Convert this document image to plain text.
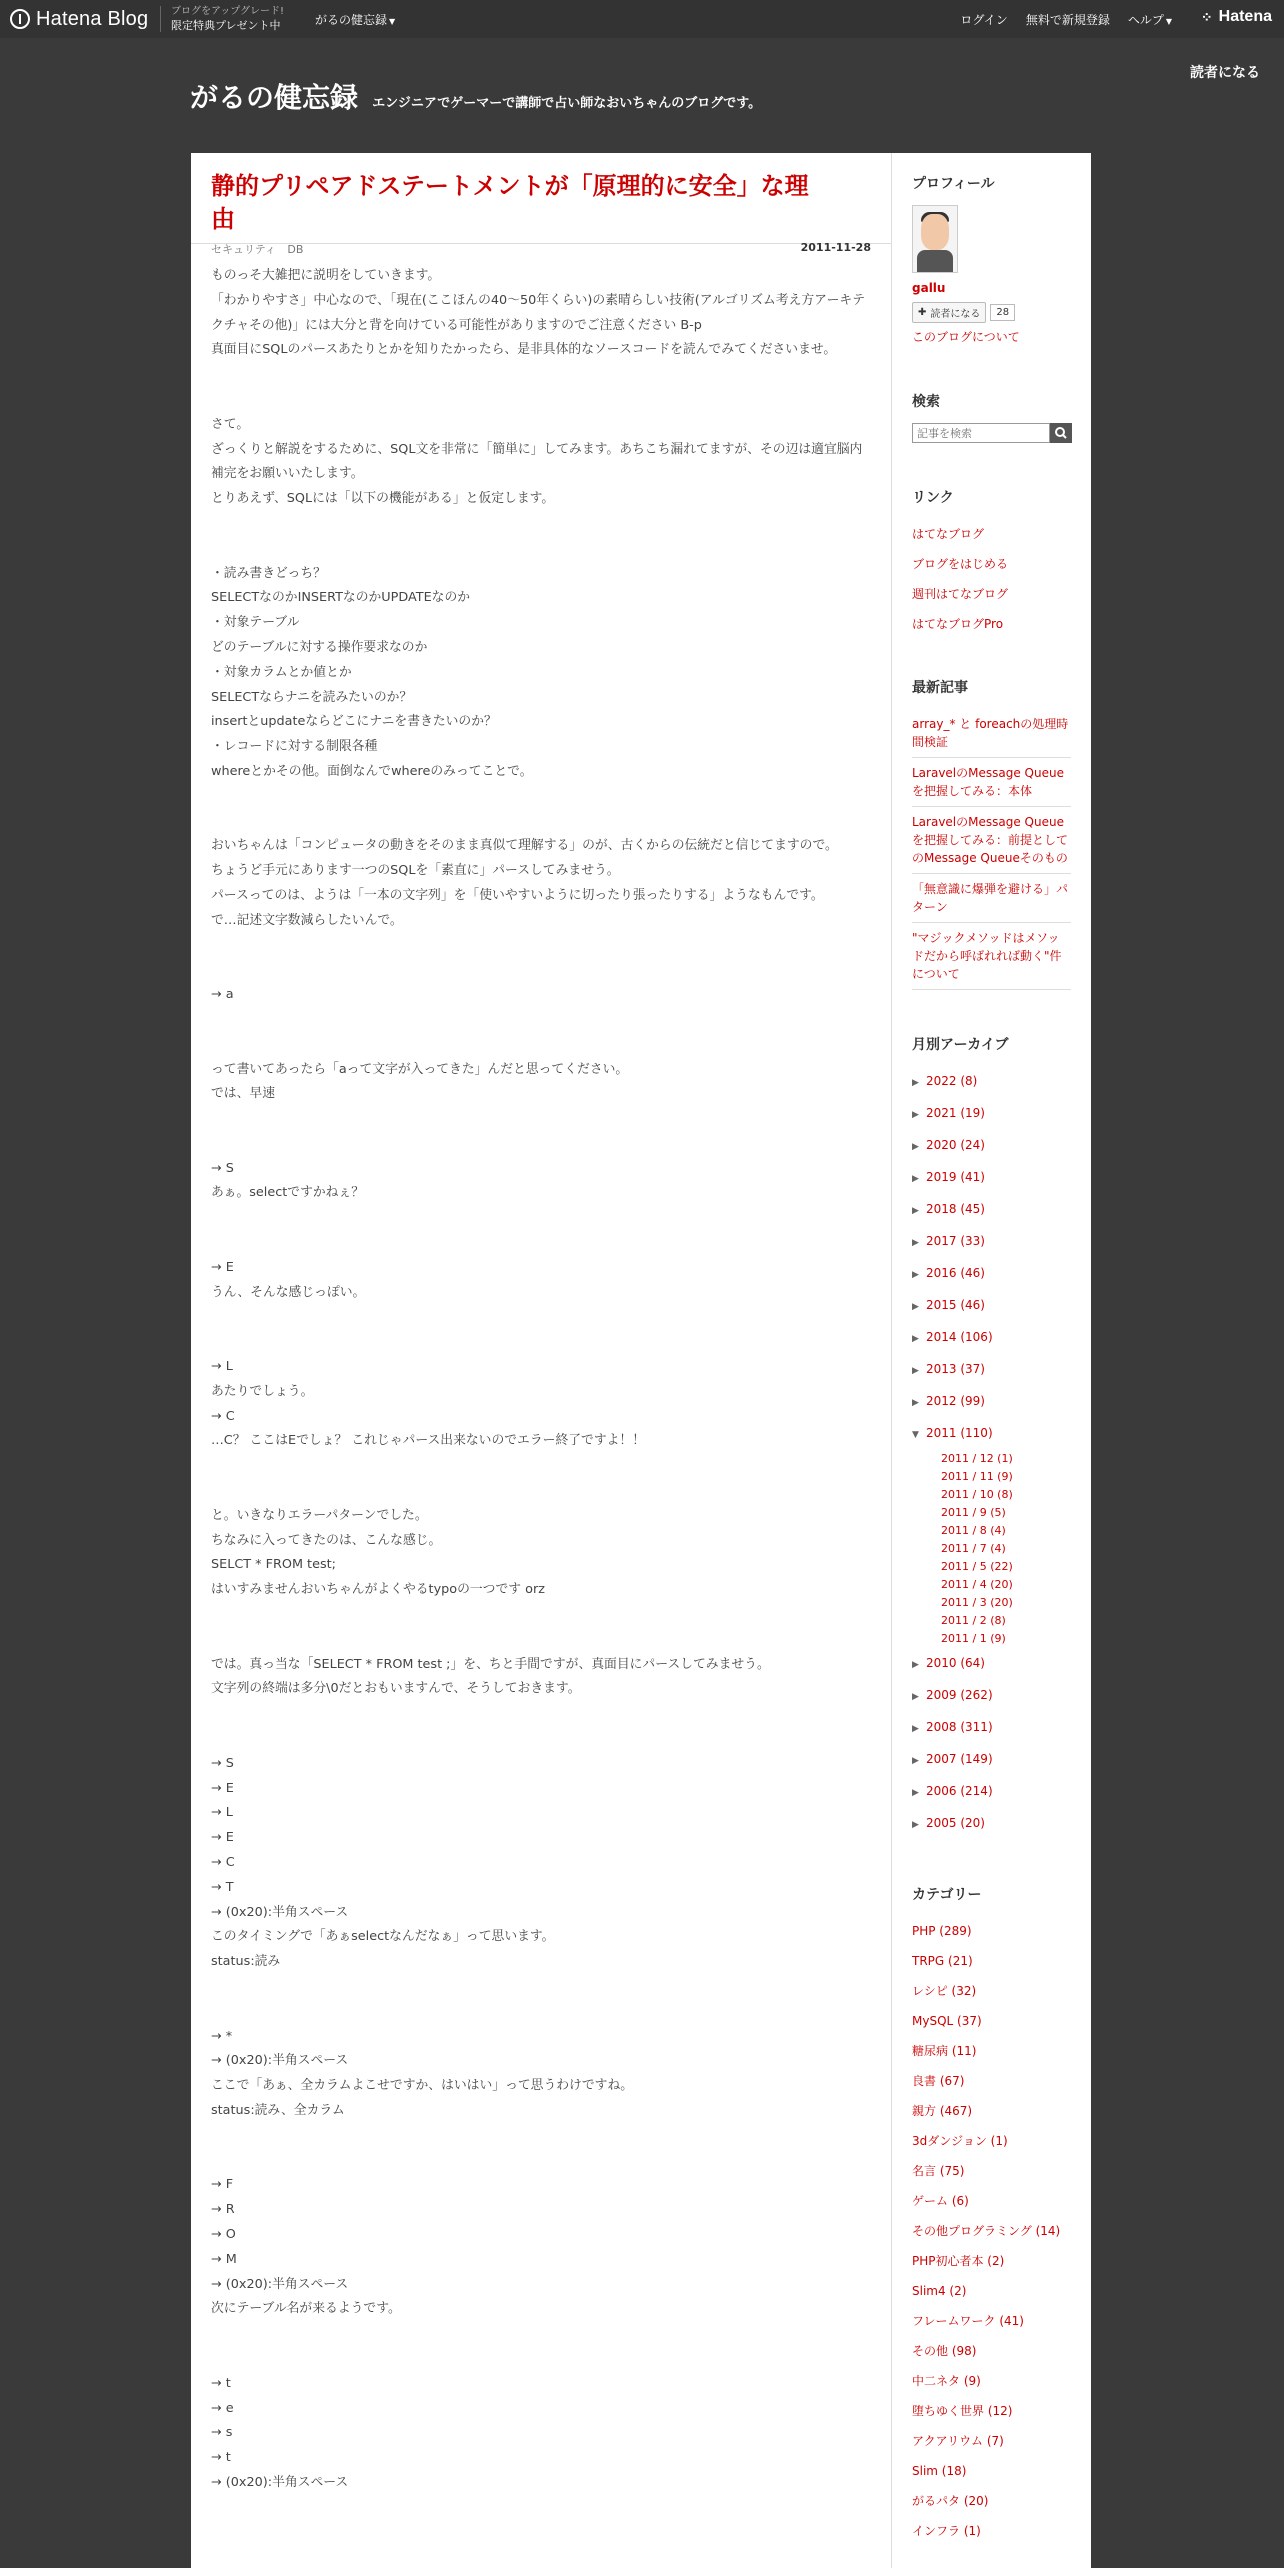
Hatena Blog ブログをアップグレード!
限定特典プレゼント中	がるの健忘録 ▼	ログイン 無料で新規登録 ヘルプ ▼ ⁘ Hatena
読者になる
がるの健忘録 エンジニアでゲーマーで講師で占い師なおいちゃんのブログです。
静的プリペアドステートメントが「原理的に安全」な理由
セキュリティ DB	2011-11-28

ものっそ大雑把に説明をしていきます。

「わかりやすさ」中心なので、「現在(ここほんの40〜50年くらい)の素晴らしい技術(アルゴリズム考え方アーキテクチャその他)」には大分と背を向けている可能性がありますのでご注意ください B-p

真面目にSQLのパースあたりとかを知りたかったら、是非具体的なソースコードを読んでみてくださいませ。

さて。

ざっくりと解説をするために、SQL文を非常に「簡単に」してみます。あちこち漏れてますが、その辺は適宜脳内補完をお願いいたします。

とりあえず、SQLには「以下の機能がある」と仮定します。

・読み書きどっち？

SELECTなのかINSERTなのかUPDATEなのか

・対象テーブル

どのテーブルに対する操作要求なのか

・対象カラムとか値とか

SELECTならナニを読みたいのか？

insertとupdateならどこにナニを書きたいのか？

・レコードに対する制限各種

whereとかその他。面倒なんでwhereのみってことで。

おいちゃんは「コンピュータの動きをそのまま真似て理解する」のが、古くからの伝統だと信じてますので。

ちょうど手元にあります一つのSQLを「素直に」パースしてみませう。

パースってのは、ようは「一本の文字列」を「使いやすいように切ったり張ったりする」ようなもんです。

で…記述文字数減らしたいんで。

→ a

って書いてあったら「aって文字が入ってきた」んだと思ってください。

では、早速

→ S

あぁ。selectですかねぇ？

→ E

うん、そんな感じっぽい。

→ L

あたりでしょう。

→ C

…C？ ここはEでしょ？ これじゃパース出来ないのでエラー終了ですよ！！

と。いきなりエラーパターンでした。

ちなみに入ってきたのは、こんな感じ。

SELCT * FROM test;

はいすみませんおいちゃんがよくやるtypoの一つです orz

では。真っ当な「SELECT * FROM test ;」を、ちと手間ですが、真面目にパースしてみませう。

文字列の終端は多分\0だとおもいますんで、そうしておきます。

→ S

→ E

→ L

→ E

→ C

→ T

→ (0x20):半角スペース

このタイミングで「あぁselectなんだなぁ」って思います。

status:読み

→ *

→ (0x20):半角スペース

ここで「あぁ、全カラムよこせですか、はいはい」って思うわけですね。

status:読み、全カラム

→ F

→ R

→ O

→ M

→ (0x20):半角スペース

次にテーブル名が来るようです。

→ t

→ e

→ s

→ t

→ (0x20):半角スペース

プロフィール
gallu
✚ 読者になる 28
このブログについて
検索
記事を検索
リンク
はてなブログ
ブログをはじめる
週刊はてなブログ
はてなブログPro
最新記事
array_* と foreachの処理時間検証
LaravelのMessage Queueを把握してみる：本体
LaravelのMessage Queueを把握してみる：前提としてのMessage Queueそのもの
「無意識に爆弾を避ける」パターン
"マジックメソッドはメソッドだから呼ばれれば動く"件について
月別アーカイブ
▶ 2022 (8)
▶ 2021 (19)
▶ 2020 (24)
▶ 2019 (41)
▶ 2018 (45)
▶ 2017 (33)
▶ 2016 (46)
▶ 2015 (46)
▶ 2014 (106)
▶ 2013 (37)
▶ 2012 (99)
▼ 2011 (110)
2011 / 12 (1)
2011 / 11 (9)
2011 / 10 (8)
2011 / 9 (5)
2011 / 8 (4)
2011 / 7 (4)
2011 / 5 (22)
2011 / 4 (20)
2011 / 3 (20)
2011 / 2 (8)
2011 / 1 (9)
▶ 2010 (64)
▶ 2009 (262)
▶ 2008 (311)
▶ 2007 (149)
▶ 2006 (214)
▶ 2005 (20)
カテゴリー
PHP (289)
TRPG (21)
レシピ (32)
MySQL (37)
糖尿病 (11)
良書 (67)
親方 (467)
3dダンジョン (1)
名言 (75)
ゲーム (6)
その他プログラミング (14)
PHP初心者本 (2)
Slim4 (2)
フレームワーク (41)
その他 (98)
中二ネタ (9)
堕ちゆく世界 (12)
アクアリウム (7)
Slim (18)
がるパタ (20)
インフラ (1)
